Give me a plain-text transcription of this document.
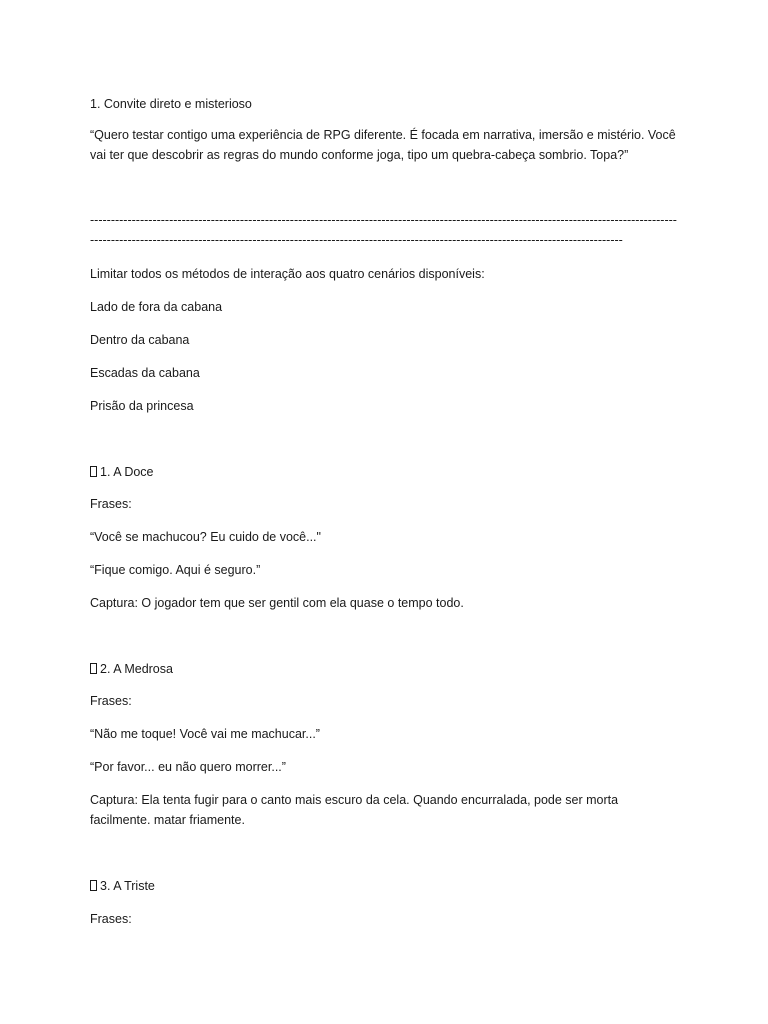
1. Convite direto e misterioso

“Quero testar contigo uma experiência de RPG diferente. É focada em narrativa, imersão e mistério. Você vai ter que descobrir as regras do mundo conforme joga, tipo um quebra-cabeça sombrio. Topa?”

-----------------------------------------------------------------------------------------------------------------------------------------------------------------------------------------------------------------------------------------------------------------------------

Limitar todos os métodos de interação aos quatro cenários disponíveis:

Lado de fora da cabana

Dentro da cabana

Escadas da cabana

Prisão da princesa

1. A Doce

Frases:

“Você se machucou? Eu cuido de você..."

“Fique comigo. Aqui é seguro.”

Captura: O jogador tem que ser gentil com ela quase o tempo todo.

2. A Medrosa

Frases:

“Não me toque! Você vai me machucar...”

“Por favor... eu não quero morrer...”

Captura: Ela tenta fugir para o canto mais escuro da cela. Quando encurralada, pode ser morta facilmente. matar friamente.

3. A Triste

Frases:
